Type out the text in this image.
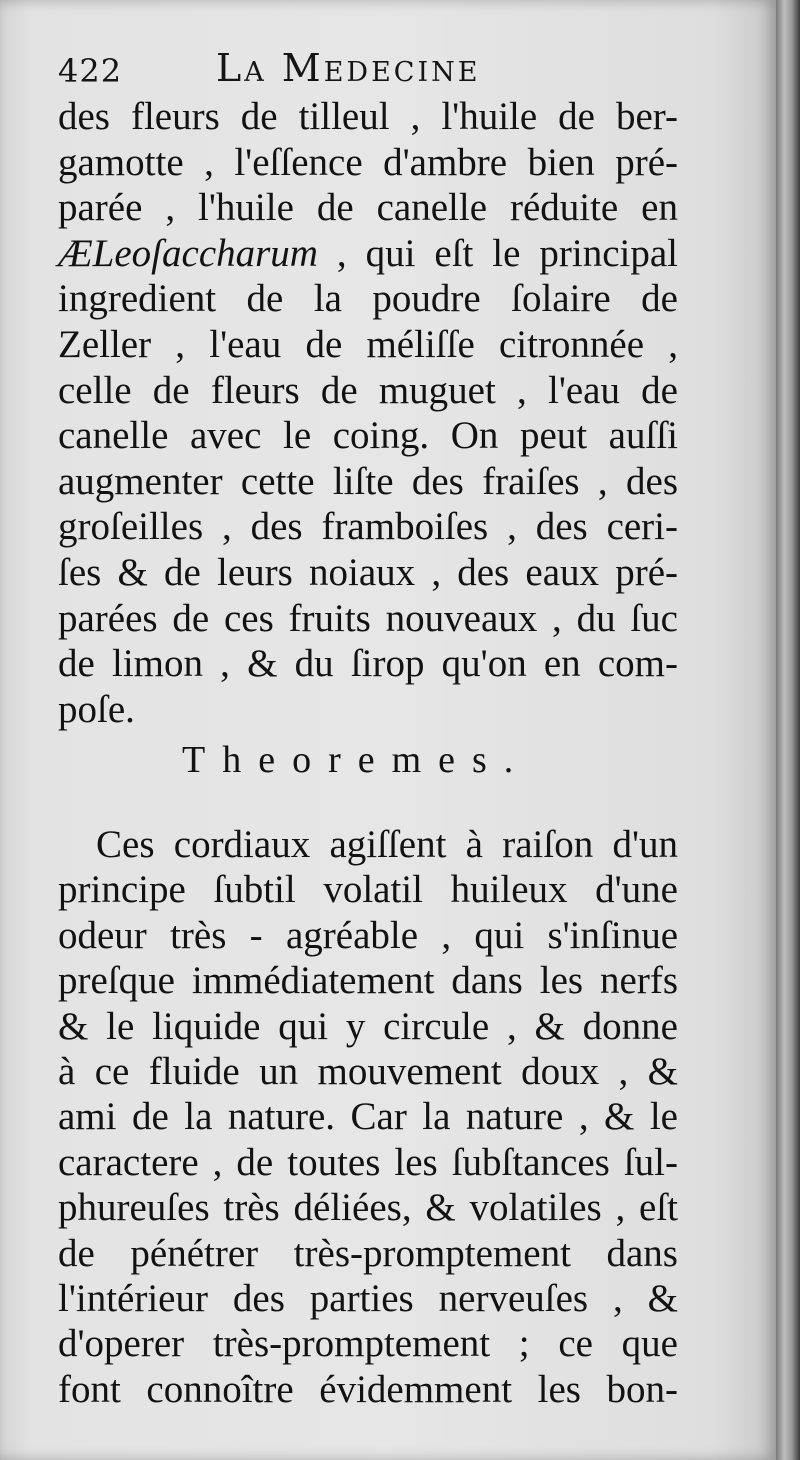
422 La Medecine
des fleurs de tilleul , l'huile de ber-
gamotte , l'eſſence d'ambre bien pré-
parée , l'huile de canelle réduite en
ÆLeoſaccharum , qui eſt le principal
ingredient de la poudre ſolaire de
Zeller , l'eau de méliſſe citronnée ,
celle de fleurs de muguet , l'eau de
canelle avec le coing. On peut auſſi
augmenter cette liſte des fraiſes , des
groſeilles , des framboiſes , des ceri-
ſes & de leurs noiaux , des eaux pré-
parées de ces fruits nouveaux , du ſuc
de limon , & du ſirop qu'on en com-
poſe.
Theoremes.
Ces cordiaux agiſſent à raiſon d'un
principe ſubtil volatil huileux d'une
odeur très - agréable , qui s'inſinue
preſque immédiatement dans les nerfs
& le liquide qui y circule , & donne
à ce fluide un mouvement doux , &
ami de la nature. Car la nature , & le
caractere , de toutes les ſubſtances ſul-
phureuſes très déliées, & volatiles , eſt
de pénétrer très-promptement dans
l'intérieur des parties nerveuſes , &
d'operer très-promptement ; ce que
font connoître évidemment les bon-
